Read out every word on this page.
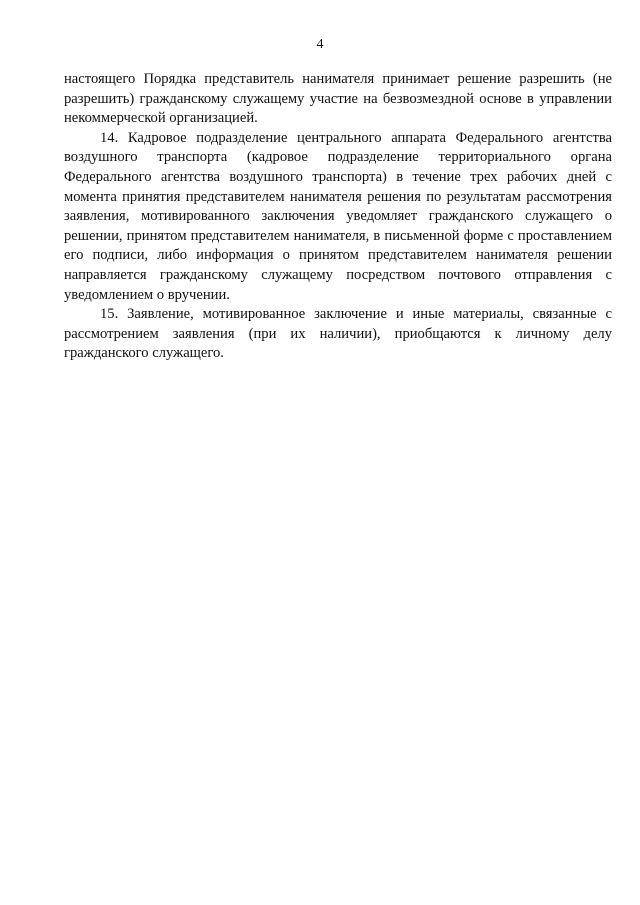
4

настоящего Порядка представитель нанимателя принимает решение разрешить (не разрешить) гражданскому служащему участие на безвозмездной основе в управлении некоммерческой организацией.

14. Кадровое подразделение центрального аппарата Федерального агентства воздушного транспорта (кадровое подразделение территориального органа Федерального агентства воздушного транспорта) в течение трех рабочих дней с момента принятия представителем нанимателя решения по результатам рассмотрения заявления, мотивированного заключения уведомляет гражданского служащего о решении, принятом представителем нанимателя, в письменной форме с проставлением его подписи, либо информация о принятом представителем нанимателя решении направляется гражданскому служащему посредством почтового отправления с уведомлением о вручении.

15. Заявление, мотивированное заключение и иные материалы, связанные с рассмотрением заявления (при их наличии), приобщаются к личному делу гражданского служащего.
